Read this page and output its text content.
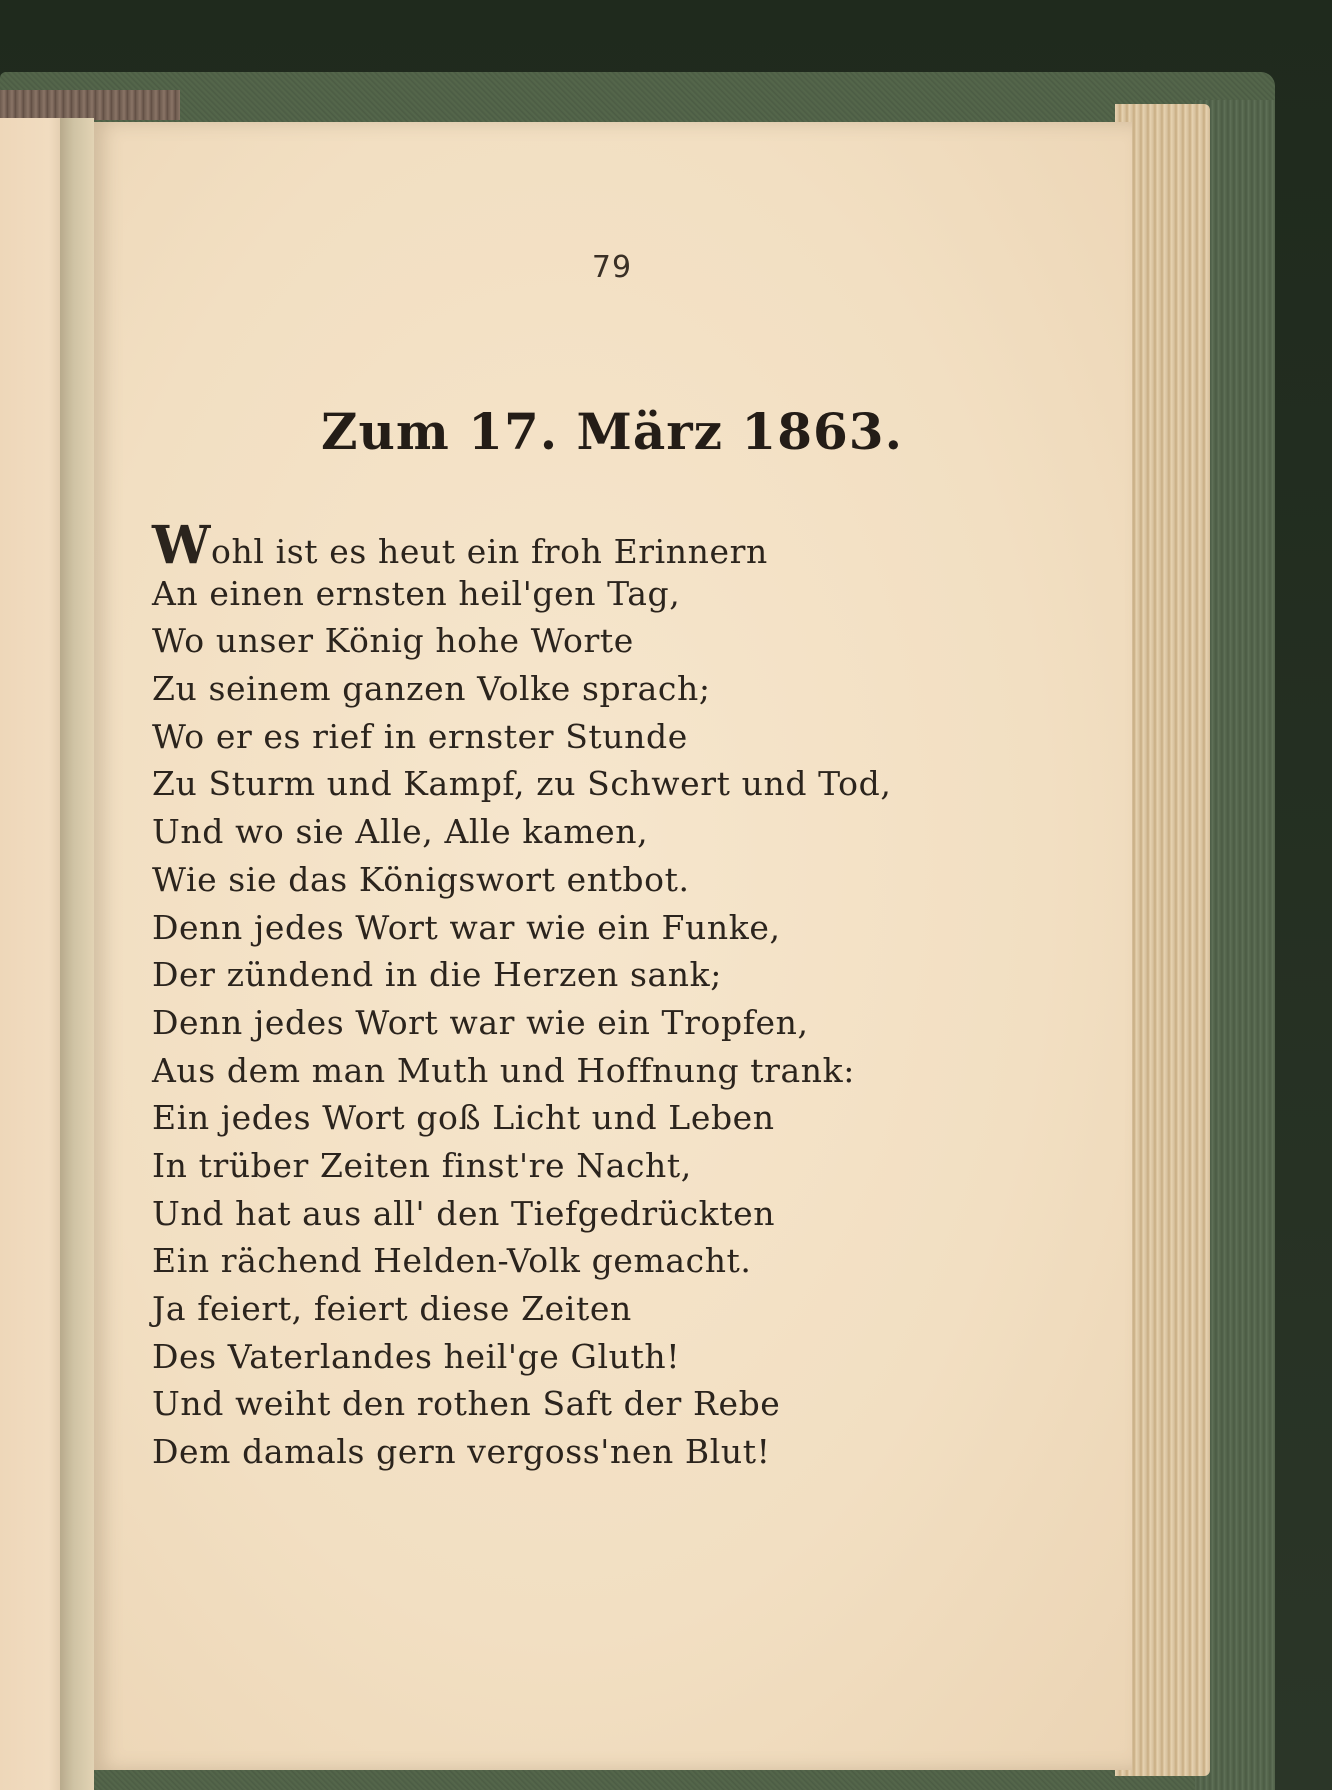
79
Zum 17. März 1863.
Wohl ist es heut ein froh Erinnern
An einen ernsten heil'gen Tag,
Wo unser König hohe Worte
Zu seinem ganzen Volke sprach;
Wo er es rief in ernster Stunde
Zu Sturm und Kampf, zu Schwert und Tod,
Und wo sie Alle, Alle kamen,
Wie sie das Königswort entbot.
Denn jedes Wort war wie ein Funke,
Der zündend in die Herzen sank;
Denn jedes Wort war wie ein Tropfen,
Aus dem man Muth und Hoffnung trank:
Ein jedes Wort goß Licht und Leben
In trüber Zeiten finst're Nacht,
Und hat aus all' den Tiefgedrückten
Ein rächend Helden-Volk gemacht.
Ja feiert, feiert diese Zeiten
Des Vaterlandes heil'ge Gluth!
Und weiht den rothen Saft der Rebe
Dem damals gern vergoss'nen Blut!
